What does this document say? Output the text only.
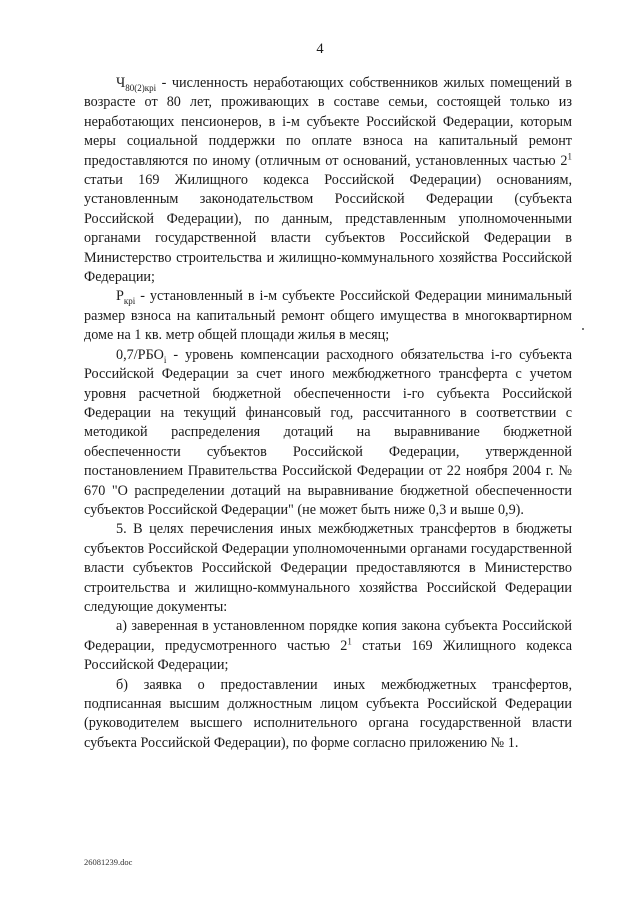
4

$Ч_{80(2)крi}$ - численность неработающих собственников жилых помещений в возрасте от 80 лет, проживающих в составе семьи, состоящей только из неработающих пенсионеров, в i-м субъекте Российской Федерации, которым меры социальной поддержки по оплате взноса на капитальный ремонт предоставляются по иному (отличным от оснований, установленных частью $2^1$ статьи 169 Жилищного кодекса Российской Федерации) основаниям, установленным законодательством Российской Федерации (субъекта Российской Федерации), по данным, представленным уполномоченными органами государственной власти субъектов Российской Федерации в Министерство строительства и жилищно-коммунального хозяйства Российской Федерации;

$Р_{крi}$ - установленный в i-м субъекте Российской Федерации минимальный размер взноса на капитальный ремонт общего имущества в многоквартирном доме на 1 кв. метр общей площади жилья в месяц;

$0,7/РБО_i$ - уровень компенсации расходного обязательства i-го субъекта Российской Федерации за счет иного межбюджетного трансферта с учетом уровня расчетной бюджетной обеспеченности i-го субъекта Российской Федерации на текущий финансовый год, рассчитанного в соответствии с методикой распределения дотаций на выравнивание бюджетной обеспеченности субъектов Российской Федерации, утвержденной постановлением Правительства Российской Федерации от 22 ноября 2004 г. № 670 "О распределении дотаций на выравнивание бюджетной обеспеченности субъектов Российской Федерации" (не может быть ниже 0,3 и выше 0,9).

5. В целях перечисления иных межбюджетных трансфертов в бюджеты субъектов Российской Федерации уполномоченными органами государственной власти субъектов Российской Федерации предоставляются в Министерство строительства и жилищно-коммунального хозяйства Российской Федерации следующие документы:

а) заверенная в установленном порядке копия закона субъекта Российской Федерации, предусмотренного частью $2^1$ статьи 169 Жилищного кодекса Российской Федерации;

б) заявка о предоставлении иных межбюджетных трансфертов, подписанная высшим должностным лицом субъекта Российской Федерации (руководителем высшего исполнительного органа государственной власти субъекта Российской Федерации), по форме согласно приложению № 1.

26081239.doc
